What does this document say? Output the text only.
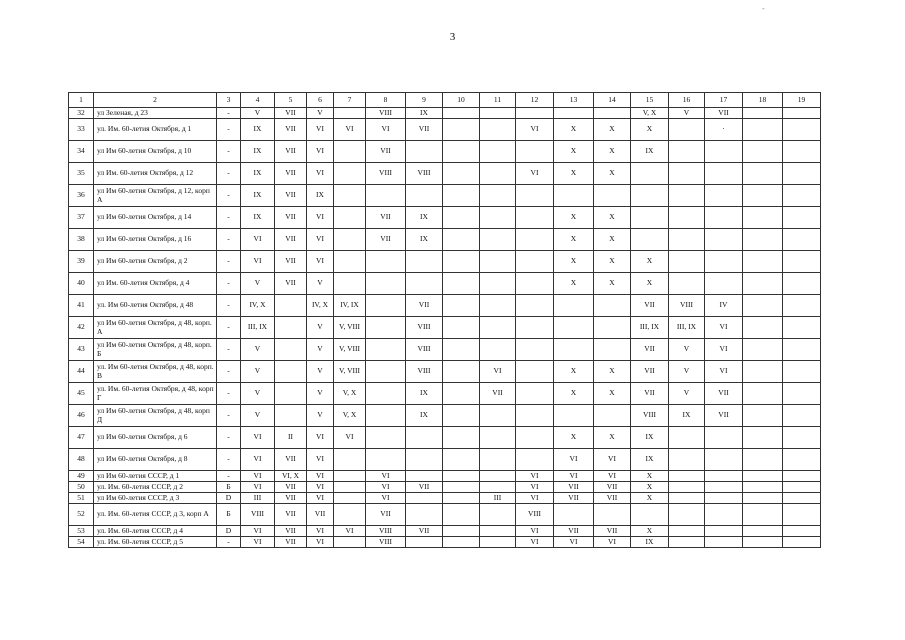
3
-
1	2	3	4	5	6	7	8	9	10	11	12	13	14	15	16	17	18	19
32	ул Зеленая, д 23	-	V	VII	V		VIII	IX						V, X	V	VII		
33	ул. Им. 60-летия Октября, д 1	-	IX	VII	VI	VI	VI	VII			VI	X	X	X		·		
34	ул Им 60-летия Октября, д 10	-	IX	VII	VI		VII					X	X	IX				
35	ул Им. 60-летия Октября, д 12	-	IX	VII	VI		VIII	VIII			VI	X	X					
36	ул Им 60-летия Октября, д 12, корп А	-	IX	VII	IX													
37	ул Им 60-летия Октября, д 14	-	IX	VII	VI		VII	IX				X	X					
38	ул Им 60-летия Октября, д 16	-	VI	VII	VI		VII	IX				X	X					
39	ул Им 60-летия Октября, д 2	-	VI	VII	VI							X	X	X				
40	ул Им. 60-летия Октября, д 4	-	V	VII	V							X	X	X				
41	ул. Им 60-летия Октября, д 48	-	IV, X		IV, X	IV, IX		VII						VII	VIII	IV		
42	ул Им 60-летия Октября, д 48, корп. А	-	III, IX		V	V, VIII		VIII						III, IX	III, IX	VI		
43	ул Им 60-летия Октября, д 48, корп. Б	-	V		V	V, VIII		VIII						VII	V	VI		
44	ул. Им 60-летия Октября, д 48, корп. В	-	V		V	V, VIII		VIII		VI		X	X	VII	V	VI		
45	ул. Им. 60-летия Октября, д 48, корп Г	-	V		V	V, X		IX		VII		X	X	VII	V	VII		
46	ул Им 60-летия Октября, д 48, корп Д	-	V		V	V, X		IX						VIII	IX	VII		
47	ул Им 60-летия Октября, д 6	-	VI	II	VI	VI						X	X	IX				
48	ул Им 60-летия Октября, д 8	-	VI	VII	VI							VI	VI	IX				
49	ул Им 60-летия СССР, д 1	-	VI	VI, X	VI		VI				VI	VI	VI	X				
50	ул. Им. 60-летия СССР, д 2	Б	VI	VII	VI		VI	VII			VI	VII	VII	X				
51	ул Им 60-летия СССР, д 3	D	III	VII	VI		VI			III	VI	VII	VII	X				
52	ул. Им. 60-летия СССР, д 3, корп А	Б	VIII	VII	VII		VII				VIII							
53	ул. Им. 60-летия СССР, д 4	D	VI	VII	VI	VI	VIII	VII			VI	VII	VII	X				
54	ул. Им. 60-летия СССР, д 5	-	VI	VII	VI		VIII				VI	VI	VI	IX				
